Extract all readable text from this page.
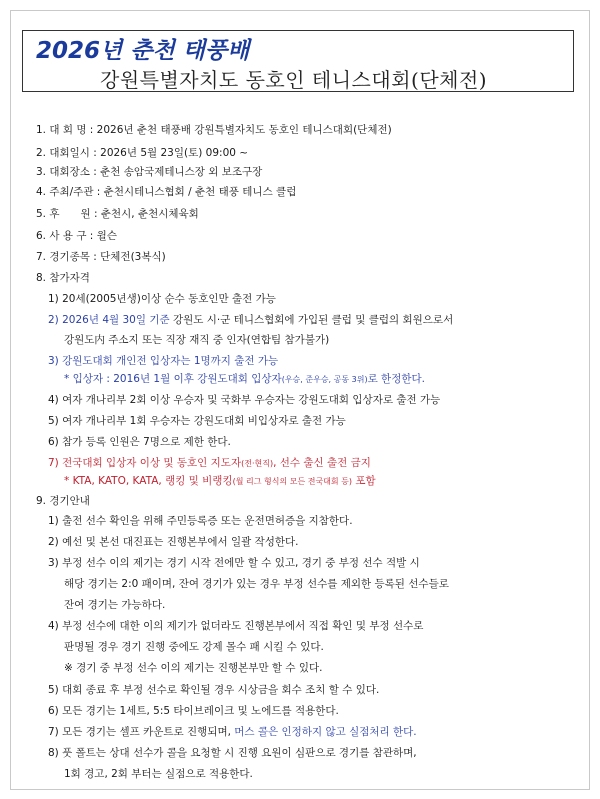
2026년 춘천 태풍배
강원특별자치도 동호인 테니스대회(단체전)
1. 대 회 명 : 2026년 춘천 태풍배 강원특별자치도 동호인 테니스대회(단체전)
2. 대회일시 : 2026년 5월 23일(토) 09:00 ~
3. 대회장소 : 춘천 송암국제테니스장 외 보조구장
4. 주최/주관 : 춘천시테니스협회 / 춘천 태풍 테니스 클럽
5. 후　　원 : 춘천시, 춘천시체육회
6. 사 용 구 : 윌슨
7. 경기종목 : 단체전(3복식)
8. 참가자격
1) 20세(2005년생)이상 순수 동호인만 출전 가능
2) 2026년 4월 30일 기준 강원도 시·군 테니스협회에 가입된 클럽 및 클럽의 회원으로서
강원도内 주소지 또는 직장 재직 중 인자(연합팀 참가불가)
3) 강원도대회 개인전 입상자는 1명까지 출전 가능
* 입상자 : 2016년 1월 이후 강원도대회 입상자(우승, 준우승, 공동 3위)로 한정한다.
4) 여자 개나리부 2회 이상 우승자 및 국화부 우승자는 강원도대회 입상자로 출전 가능
5) 여자 개나리부 1회 우승자는 강원도대회 비입상자로 출전 가능
6) 참가 등록 인원은 7명으로 제한 한다.
7) 전국대회 입상자 이상 및 동호인 지도자(전·현직), 선수 출신 출전 금지
* KTA, KATO, KATA, 랭킹 및 비랭킹(월 리그 형식의 모든 전국대회 등) 포함
9. 경기안내
1) 출전 선수 확인을 위해 주민등록증 또는 운전면허증을 지참한다.
2) 예선 및 본선 대진표는 진행본부에서 일괄 작성한다.
3) 부정 선수 이의 제기는 경기 시작 전에만 할 수 있고, 경기 중 부정 선수 적발 시
해당 경기는 2:0 패이며, 잔여 경기가 있는 경우 부정 선수를 제외한 등록된 선수들로
잔여 경기는 가능하다.
4) 부정 선수에 대한 이의 제기가 없더라도 진행본부에서 직접 확인 및 부정 선수로
판명될 경우 경기 진행 중에도 강제 몰수 패 시킬 수 있다.
※ 경기 중 부정 선수 이의 제기는 진행본부만 할 수 있다.
5) 대회 종료 후 부정 선수로 확인될 경우 시상금을 회수 조치 할 수 있다.
6) 모든 경기는 1세트, 5:5 타이브레이크 및 노에드를 적용한다.
7) 모든 경기는 셀프 카운트로 진행되며, 머스 콜은 인정하지 않고 실점처리 한다.
8) 풋 폴트는 상대 선수가 콜을 요청할 시 진행 요원이 심판으로 경기를 참관하며,
1회 경고, 2회 부터는 실점으로 적용한다.
